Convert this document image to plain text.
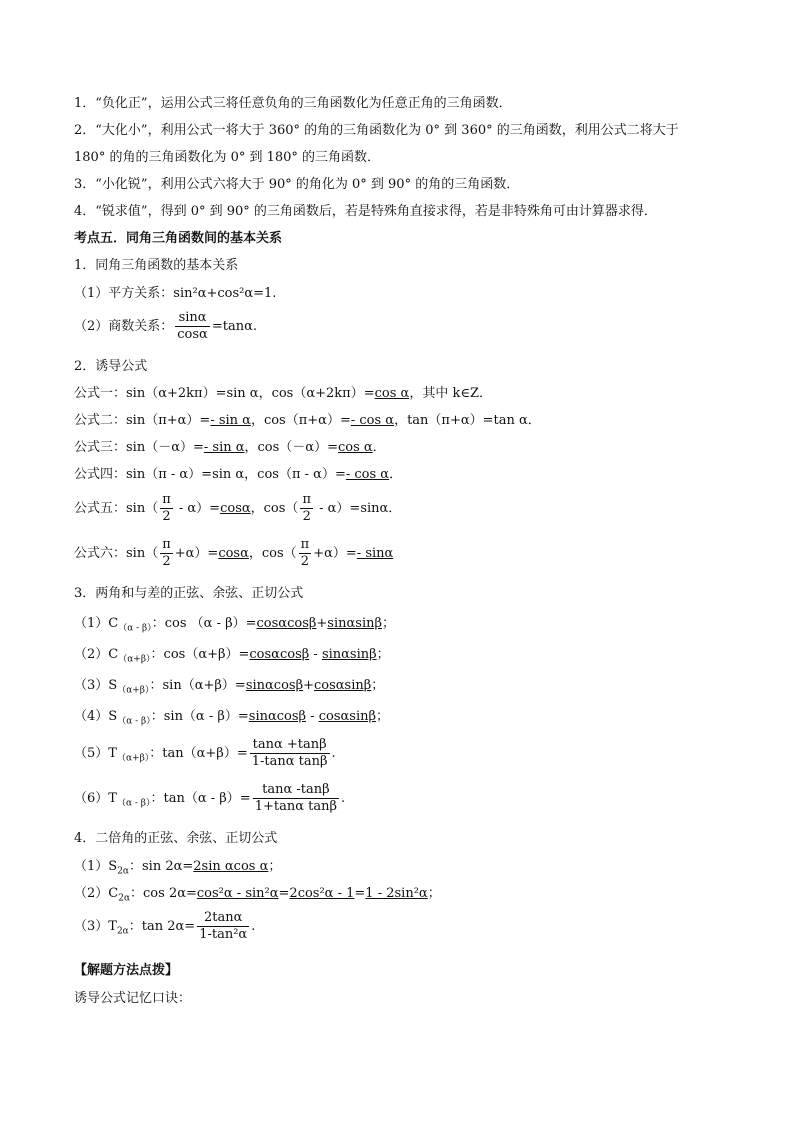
1．“负化正”，运用公式三将任意负角的三角函数化为任意正角的三角函数．
2．“大化小”，利用公式一将大于 360° 的角的三角函数化为 0° 到 360° 的三角函数，利用公式二将大于
180° 的角的三角函数化为 0° 到 180° 的三角函数．
3．“小化锐”，利用公式六将大于 90° 的角化为 0° 到 90° 的角的三角函数．
4．“锐求值”，得到 0° 到 90° 的三角函数后，若是特殊角直接求得，若是非特殊角可由计算器求得．
考点五．同角三角函数间的基本关系
1．同角三角函数的基本关系
（1）平方关系：sin²α+cos²α=1.
（2）商数关系： $\frac{\sin\alpha}{\cos\alpha} =\tan\alpha$.
2．诱导公式
公式一：sin（α+2kπ）=sin α，cos（α+2kπ）=cos α，其中 k∈Z．
公式二：sin（π+α）=- sin α，cos（π+α）=- cos α，tan（π+α）=tan α．
公式三：sin（－α）=- sin α，cos（－α）=cos α．
公式四：sin（π - α）=sin α，cos（π - α）=- cos α．
公式五：$\sin( \frac{\pi}{2} - \alpha)=\cos\alpha$，$\cos( \frac{\pi}{2} - \alpha)=\sin\alpha$．
公式六：$\sin( \frac{\pi}{2} +\alpha)=\cos\alpha$，$\cos( \frac{\pi}{2} +\alpha)=-$ sinα
3．两角和与差的正弦、余弦、正切公式
$(1)C_{(\alpha - \beta)}$：cos （α - β）=cosαcosβ+sinαsinβ；
$(2)C_{(\alpha+\beta)}$：cos（α+β）=cosαcosβ - sinαsinβ；
$(3)S_{(\alpha+\beta)}$：sin（α+β）=sinαcosβ+cosαsinβ；
$(4)S_{(\alpha - \beta)}$：sin（α - β）=sinαcosβ - cosαsinβ；
$(5)T_{(\alpha+\beta)}$：$\tan(\alpha+\beta)= \frac{\tan\alpha +\tan\beta}{\text{1-tanα tanβ}}$ .
$(6)T_{(\alpha - \beta)}$：$\tan(\alpha - \beta)= \frac{\tan\alpha -\tan\beta}{\text{1+tanα tanβ}}$ .
4．二倍角的正弦、余弦、正切公式
$(1)S_{2\alpha}$：sin 2α=2sin αcos α；
$(2)C_{2\alpha}$：cos 2α=cos²α - sin²α=2cos²α - 1=1 - 2sin²α；
$(3)T_{2\alpha}$：$\tan 2\alpha= \frac{2\tan\alpha}{\text{1-tan²α}}$ .
【解题方法点拨】
诱导公式记忆口诀：
